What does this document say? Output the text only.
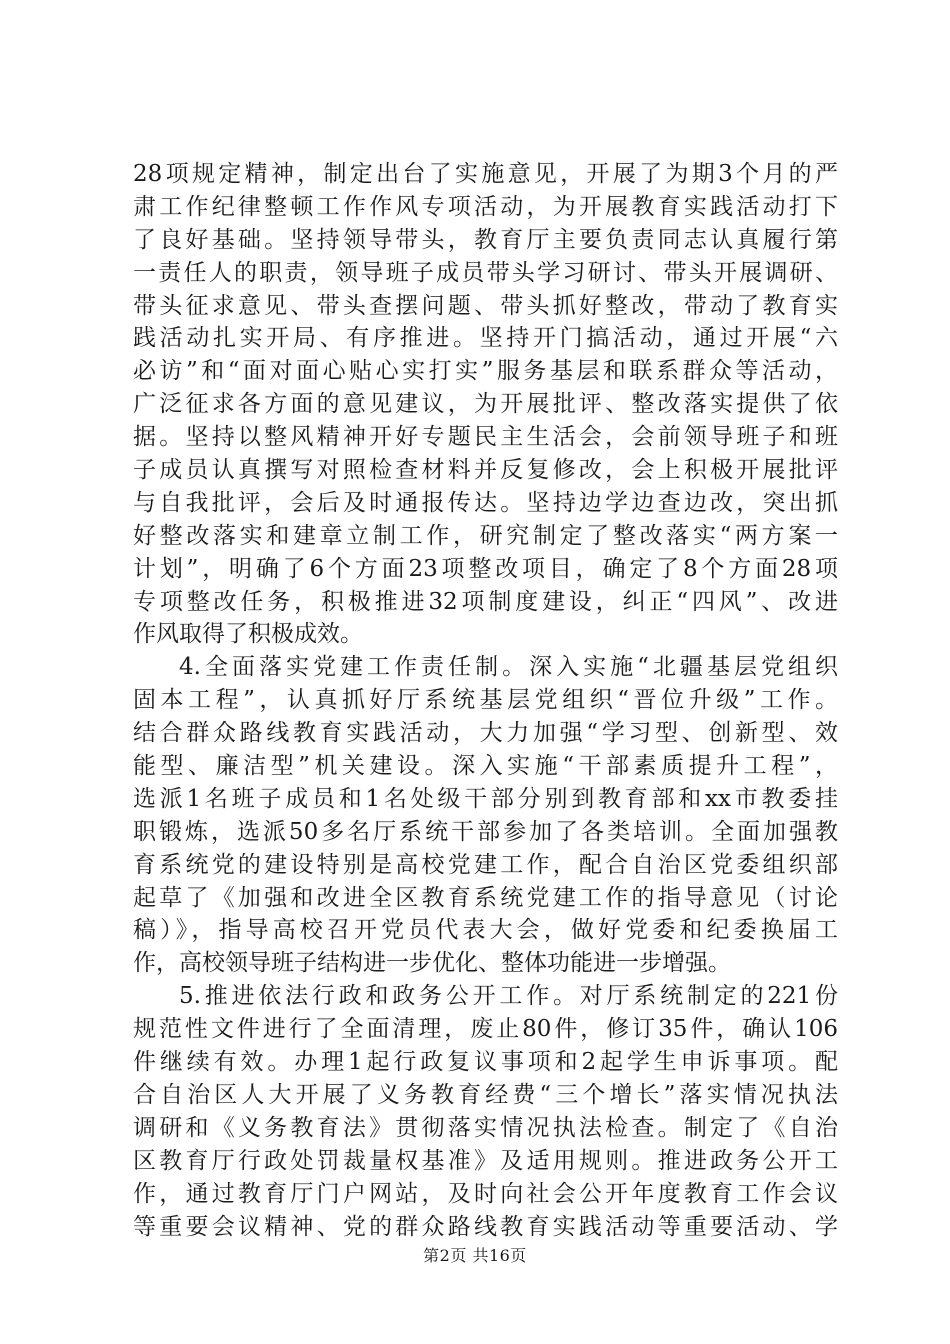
28项规定精神，制定出台了实施意见，开展了为期3个月的严
肃工作纪律整顿工作作风专项活动，为开展教育实践活动打下
了良好基础。坚持领导带头，教育厅主要负责同志认真履行第
一责任人的职责，领导班子成员带头学习研讨、带头开展调研、
带头征求意见、带头查摆问题、带头抓好整改，带动了教育实
践活动扎实开局、有序推进。坚持开门搞活动，通过开展“六
必访”和“面对面心贴心实打实”服务基层和联系群众等活动，
广泛征求各方面的意见建议，为开展批评、整改落实提供了依
据。坚持以整风精神开好专题民主生活会，会前领导班子和班
子成员认真撰写对照检查材料并反复修改，会上积极开展批评
与自我批评，会后及时通报传达。坚持边学边查边改，突出抓
好整改落实和建章立制工作，研究制定了整改落实“两方案一
计划”，明确了6个方面23项整改项目，确定了8个方面28项
专项整改任务，积极推进32项制度建设，纠正“四风”、改进
作风取得了积极成效。
4.全面落实党建工作责任制。深入实施“北疆基层党组织
固本工程”，认真抓好厅系统基层党组织“晋位升级”工作。
结合群众路线教育实践活动，大力加强“学习型、创新型、效
能型、廉洁型”机关建设。深入实施“干部素质提升工程”，
选派1名班子成员和1名处级干部分别到教育部和xx市教委挂
职锻炼，选派50多名厅系统干部参加了各类培训。全面加强教
育系统党的建设特别是高校党建工作，配合自治区党委组织部
起草了《加强和改进全区教育系统党建工作的指导意见（讨论
稿）》，指导高校召开党员代表大会，做好党委和纪委换届工
作，高校领导班子结构进一步优化、整体功能进一步增强。
5.推进依法行政和政务公开工作。对厅系统制定的221份
规范性文件进行了全面清理，废止80件，修订35件，确认106
件继续有效。办理1起行政复议事项和2起学生申诉事项。配
合自治区人大开展了义务教育经费“三个增长”落实情况执法
调研和《义务教育法》贯彻落实情况执法检查。制定了《自治
区教育厅行政处罚裁量权基准》及适用规则。推进政务公开工
作，通过教育厅门户网站，及时向社会公开年度教育工作会议
等重要会议精神、党的群众路线教育实践活动等重要活动、学
第2页 共16页
